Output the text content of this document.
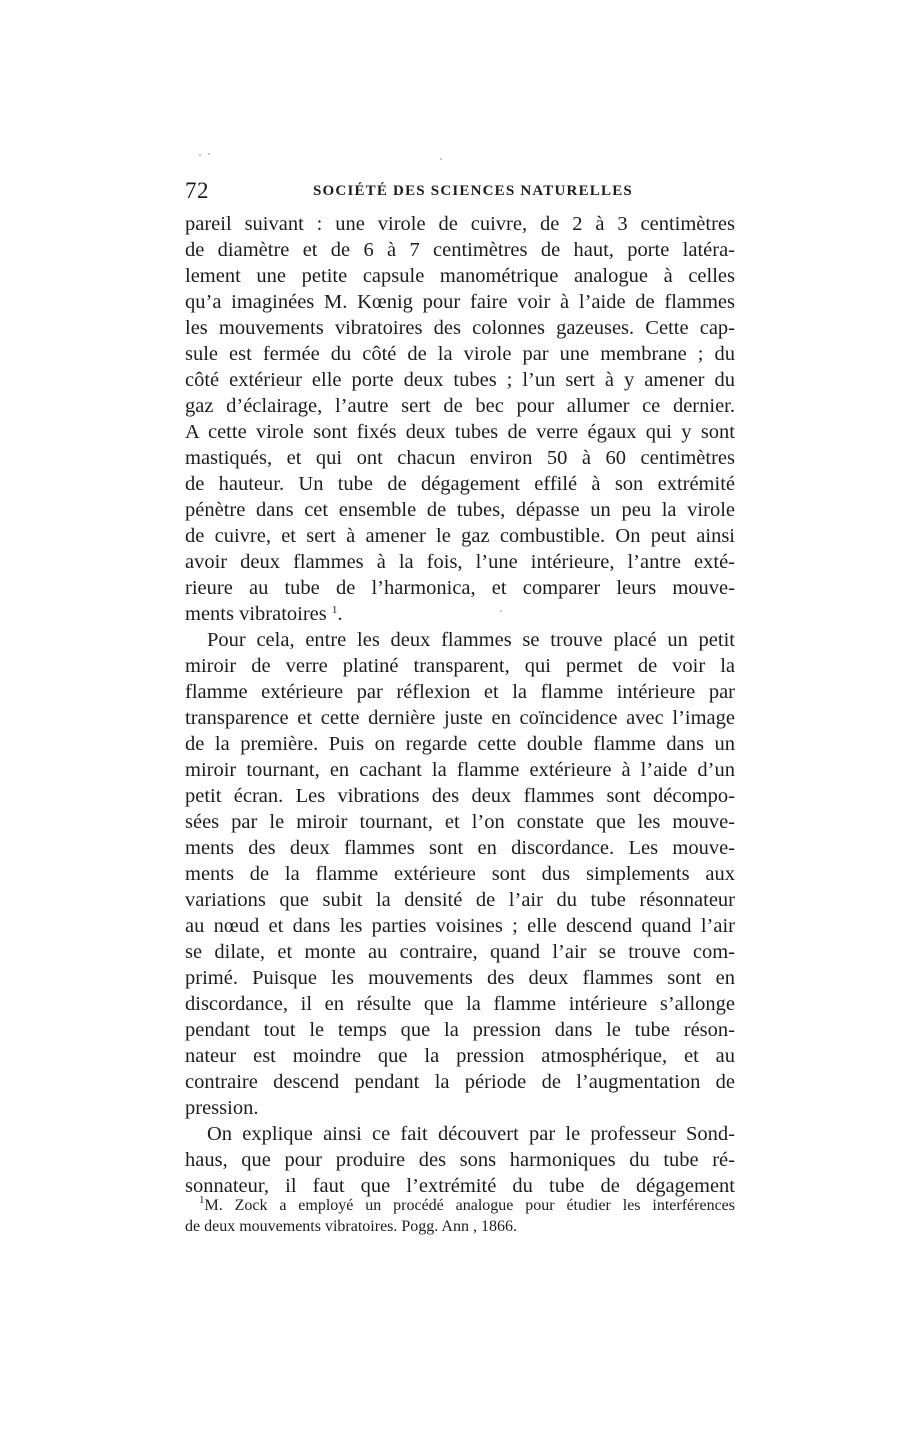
72	SOCIÉTÉ DES SCIENCES NATURELLES
pareil suivant : une virole de cuivre, de 2 à 3 centimètres
de diamètre et de 6 à 7 centimètres de haut, porte latéra-
lement une petite capsule manométrique analogue à celles
qu’a imaginées M. Kœnig pour faire voir à l’aide de flammes
les mouvements vibratoires des colonnes gazeuses. Cette cap-
sule est fermée du côté de la virole par une membrane ; du
côté extérieur elle porte deux tubes ; l’un sert à y amener du
gaz d’éclairage, l’autre sert de bec pour allumer ce dernier.
A cette virole sont fixés deux tubes de verre égaux qui y sont
mastiqués, et qui ont chacun environ 50 à 60 centimètres
de hauteur. Un tube de dégagement effilé à son extrémité
pénètre dans cet ensemble de tubes, dépasse un peu la virole
de cuivre, et sert à amener le gaz combustible. On peut ainsi
avoir deux flammes à la fois, l’une intérieure, l’antre exté-
rieure au tube de l’harmonica, et comparer leurs mouve-
ments vibratoires $^1$.
Pour cela, entre les deux flammes se trouve placé un petit
miroir de verre platiné transparent, qui permet de voir la
flamme extérieure par réflexion et la flamme intérieure par
transparence et cette dernière juste en coïncidence avec l’image
de la première. Puis on regarde cette double flamme dans un
miroir tournant, en cachant la flamme extérieure à l’aide d’un
petit écran. Les vibrations des deux flammes sont décompo-
sées par le miroir tournant, et l’on constate que les mouve-
ments des deux flammes sont en discordance. Les mouve-
ments de la flamme extérieure sont dus simplements aux
variations que subit la densité de l’air du tube résonnateur
au nœud et dans les parties voisines ; elle descend quand l’air
se dilate, et monte au contraire, quand l’air se trouve com-
primé. Puisque les mouvements des deux flammes sont en
discordance, il en résulte que la flamme intérieure s’allonge
pendant tout le temps que la pression dans le tube réson-
nateur est moindre que la pression atmosphérique, et au
contraire descend pendant la période de l’augmentation de
pression.
On explique ainsi ce fait découvert par le professeur Sond-
haus, que pour produire des sons harmoniques du tube ré-
sonnateur, il faut que l’extrémité du tube de dégagement
$^1$M. Zock a employé un procédé analogue pour étudier les interférences
de deux mouvements vibratoires. Pogg. Ann , 1866.
